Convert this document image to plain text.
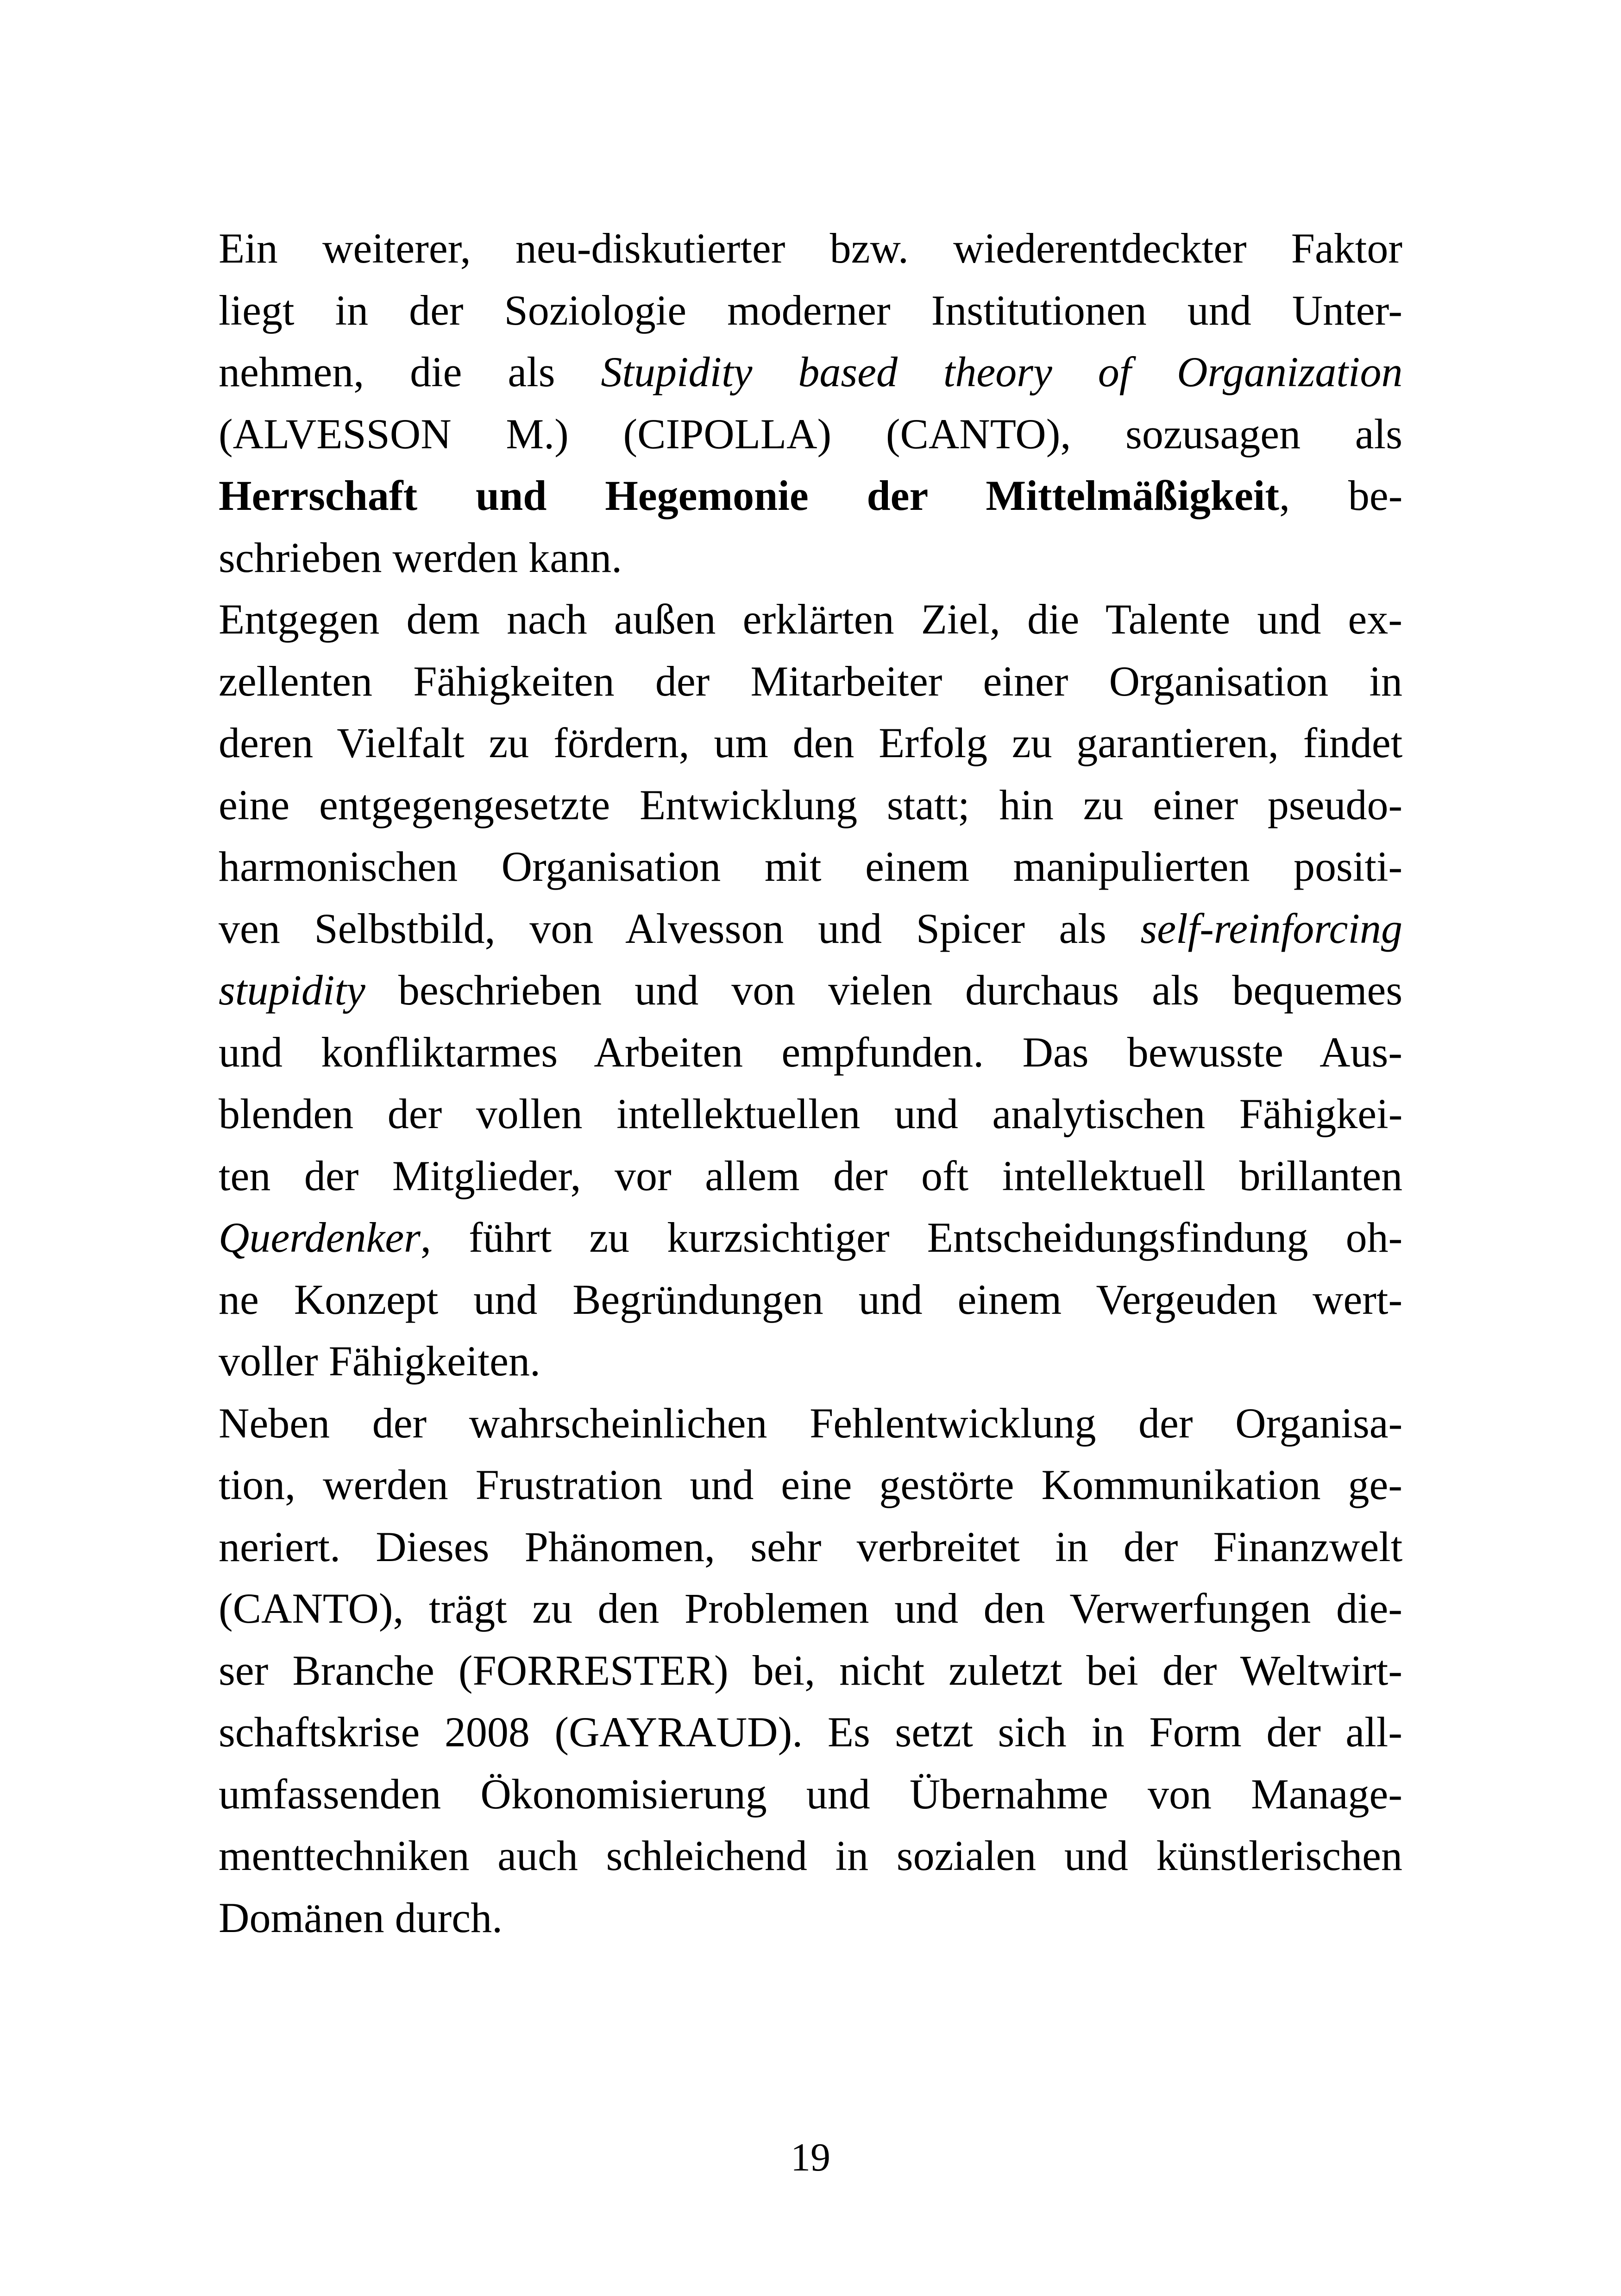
Ein weiterer, neu-diskutierter bzw. wiederentdeckter Faktor
liegt in der Soziologie moderner Institutionen und Unter-
nehmen, die als Stupidity based theory of Organization
(ALVESSON M.) (CIPOLLA) (CANTO), sozusagen als
Herrschaft und Hegemonie der Mittelmäßigkeit, be-
schrieben werden kann.
Entgegen dem nach außen erklärten Ziel, die Talente und ex-
zellenten Fähigkeiten der Mitarbeiter einer Organisation in
deren Vielfalt zu fördern, um den Erfolg zu garantieren, findet
eine entgegengesetzte Entwicklung statt; hin zu einer pseudo-
harmonischen Organisation mit einem manipulierten positi-
ven Selbstbild, von Alvesson und Spicer als self-reinforcing
stupidity beschrieben und von vielen durchaus als bequemes
und konfliktarmes Arbeiten empfunden. Das bewusste Aus-
blenden der vollen intellektuellen und analytischen Fähigkei-
ten der Mitglieder, vor allem der oft intellektuell brillanten
Querdenker, führt zu kurzsichtiger Entscheidungsfindung oh-
ne Konzept und Begründungen und einem Vergeuden wert-
voller Fähigkeiten.
Neben der wahrscheinlichen Fehlentwicklung der Organisa-
tion, werden Frustration und eine gestörte Kommunikation ge-
neriert. Dieses Phänomen, sehr verbreitet in der Finanzwelt
(CANTO), trägt zu den Problemen und den Verwerfungen die-
ser Branche (FORRESTER) bei, nicht zuletzt bei der Weltwirt-
schaftskrise 2008 (GAYRAUD). Es setzt sich in Form der all-
umfassenden Ökonomisierung und Übernahme von Manage-
menttechniken auch schleichend in sozialen und künstlerischen
Domänen durch.
19
